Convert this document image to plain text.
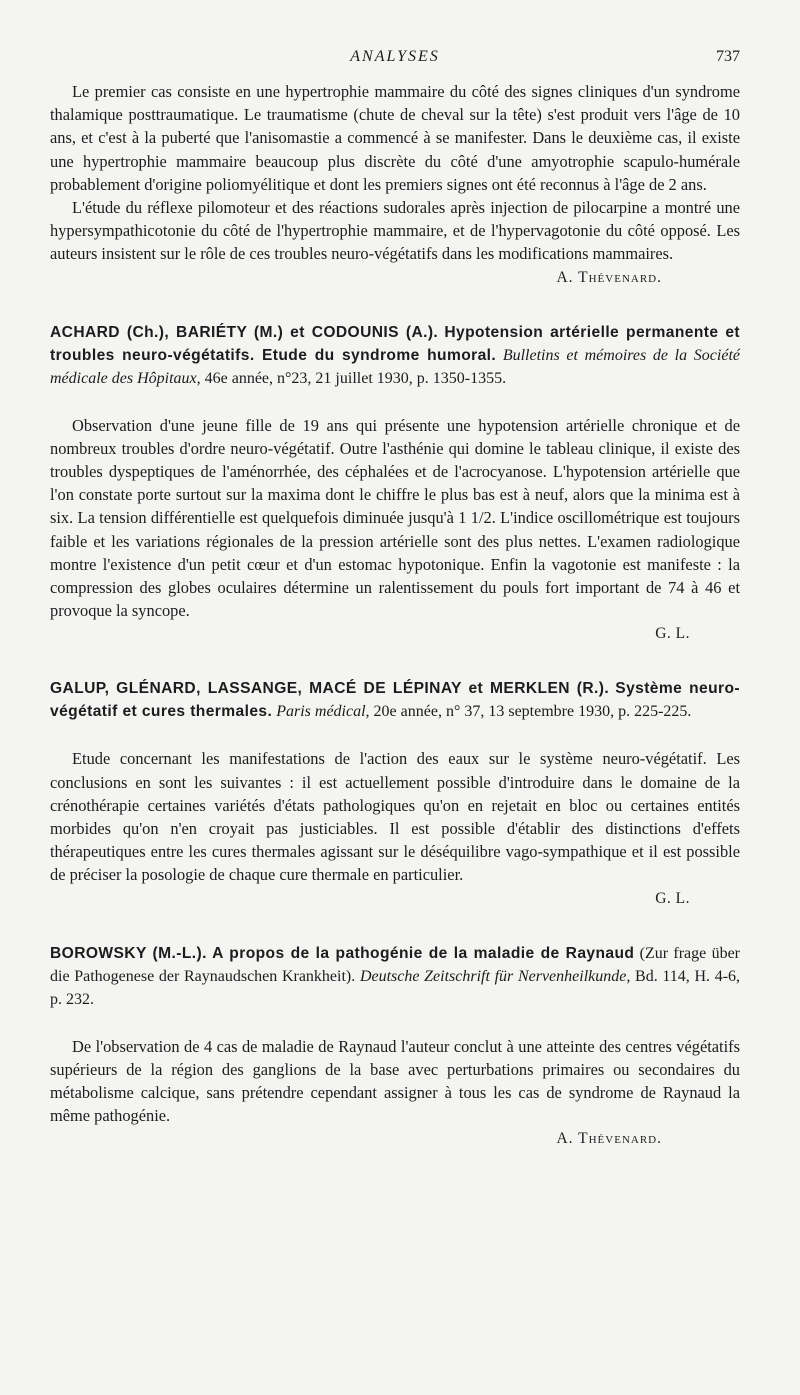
ANALYSES	737

Le premier cas consiste en une hypertrophie mammaire du côté des signes cliniques d'un syndrome thalamique posttraumatique. Le traumatisme (chute de cheval sur la tête) s'est produit vers l'âge de 10 ans, et c'est à la puberté que l'anisomastie a commencé à se manifester. Dans le deuxième cas, il existe une hypertrophie mammaire beaucoup plus discrète du côté d'une amyotrophie scapulo-humérale probablement d'origine poliomyélitique et dont les premiers signes ont été reconnus à l'âge de 2 ans.

L'étude du réflexe pilomoteur et des réactions sudorales après injection de pilocarpine a montré une hypersympathicotonie du côté de l'hypertrophie mammaire, et de l'hypervagotonie du côté opposé. Les auteurs insistent sur le rôle de ces troubles neuro-végétatifs dans les modifications mammaires.

A. Thévenard.

ACHARD (Ch.), BARIÉTY (M.) et CODOUNIS (A.). Hypotension artérielle permanente et troubles neuro-végétatifs. Etude du syndrome humoral. Bulletins et mémoires de la Société médicale des Hôpitaux, 46e année, n°23, 21 juillet 1930, p. 1350-1355.

Observation d'une jeune fille de 19 ans qui présente une hypotension artérielle chronique et de nombreux troubles d'ordre neuro-végétatif. Outre l'asthénie qui domine le tableau clinique, il existe des troubles dyspeptiques de l'aménorrhée, des céphalées et de l'acrocyanose. L'hypotension artérielle que l'on constate porte surtout sur la maxima dont le chiffre le plus bas est à neuf, alors que la minima est à six. La tension différentielle est quelquefois diminuée jusqu'à 1 1/2. L'indice oscillométrique est toujours faible et les variations régionales de la pression artérielle sont des plus nettes. L'examen radiologique montre l'existence d'un petit cœur et d'un estomac hypotonique. Enfin la vagotonie est manifeste : la compression des globes oculaires détermine un ralentissement du pouls fort important de 74 à 46 et provoque la syncope.

G. L.

GALUP, GLÉNARD, LASSANGE, MACÉ DE LÉPINAY et MERKLEN (R.). Système neuro-végétatif et cures thermales. Paris médical, 20e année, n° 37, 13 septembre 1930, p. 225-225.

Etude concernant les manifestations de l'action des eaux sur le système neuro-végétatif. Les conclusions en sont les suivantes : il est actuellement possible d'introduire dans le domaine de la crénothérapie certaines variétés d'états pathologiques qu'on en rejetait en bloc ou certaines entités morbides qu'on n'en croyait pas justiciables. Il est possible d'établir des distinctions d'effets thérapeutiques entre les cures thermales agissant sur le déséquilibre vago-sympathique et il est possible de préciser la posologie de chaque cure thermale en particulier.

G. L.

BOROWSKY (M.-L.). A propos de la pathogénie de la maladie de Raynaud (Zur frage über die Pathogenese der Raynaudschen Krankheit). Deutsche Zeitschrift für Nervenheilkunde, Bd. 114, H. 4-6, p. 232.

De l'observation de 4 cas de maladie de Raynaud l'auteur conclut à une atteinte des centres végétatifs supérieurs de la région des ganglions de la base avec perturbations primaires ou secondaires du métabolisme calcique, sans prétendre cependant assigner à tous les cas de syndrome de Raynaud la même pathogénie.

A. Thévenard.
